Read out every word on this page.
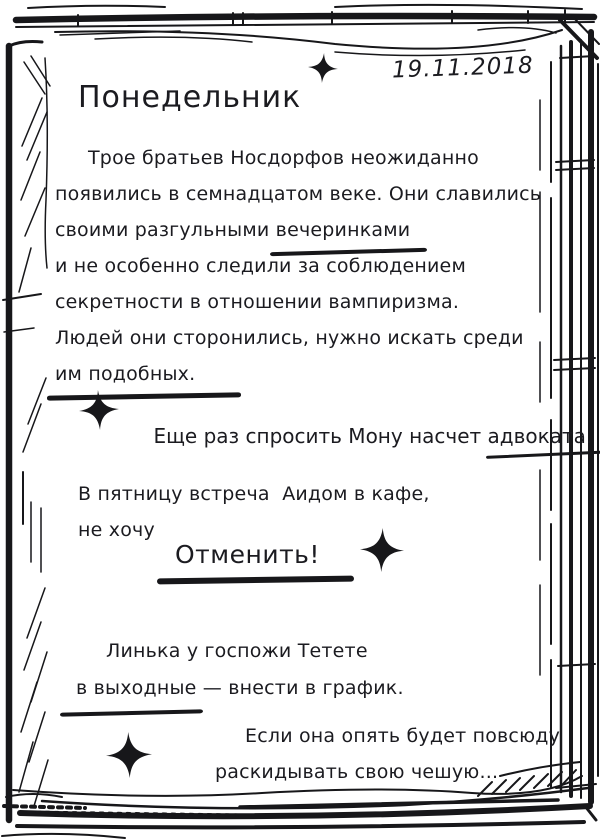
19.11.2018
Понедельник
Трое братьев Носдорфов неожиданно
появились в семнадцатом веке. Они славились
своими разгульными вечеринками
и не особенно следили за соблюдением
секретности в отношении вампиризма.
Людей они сторонились, нужно искать среди
им подобных.

Еще раз спросить Мону насчет адвоката.

В пятницу встреча  Аидом в кафе,
не хочу
Отменить!
Линька у госпожи Тетете
в выходные — внести в график.
Если она опять будет повсюду
раскидывать свою чешую...
